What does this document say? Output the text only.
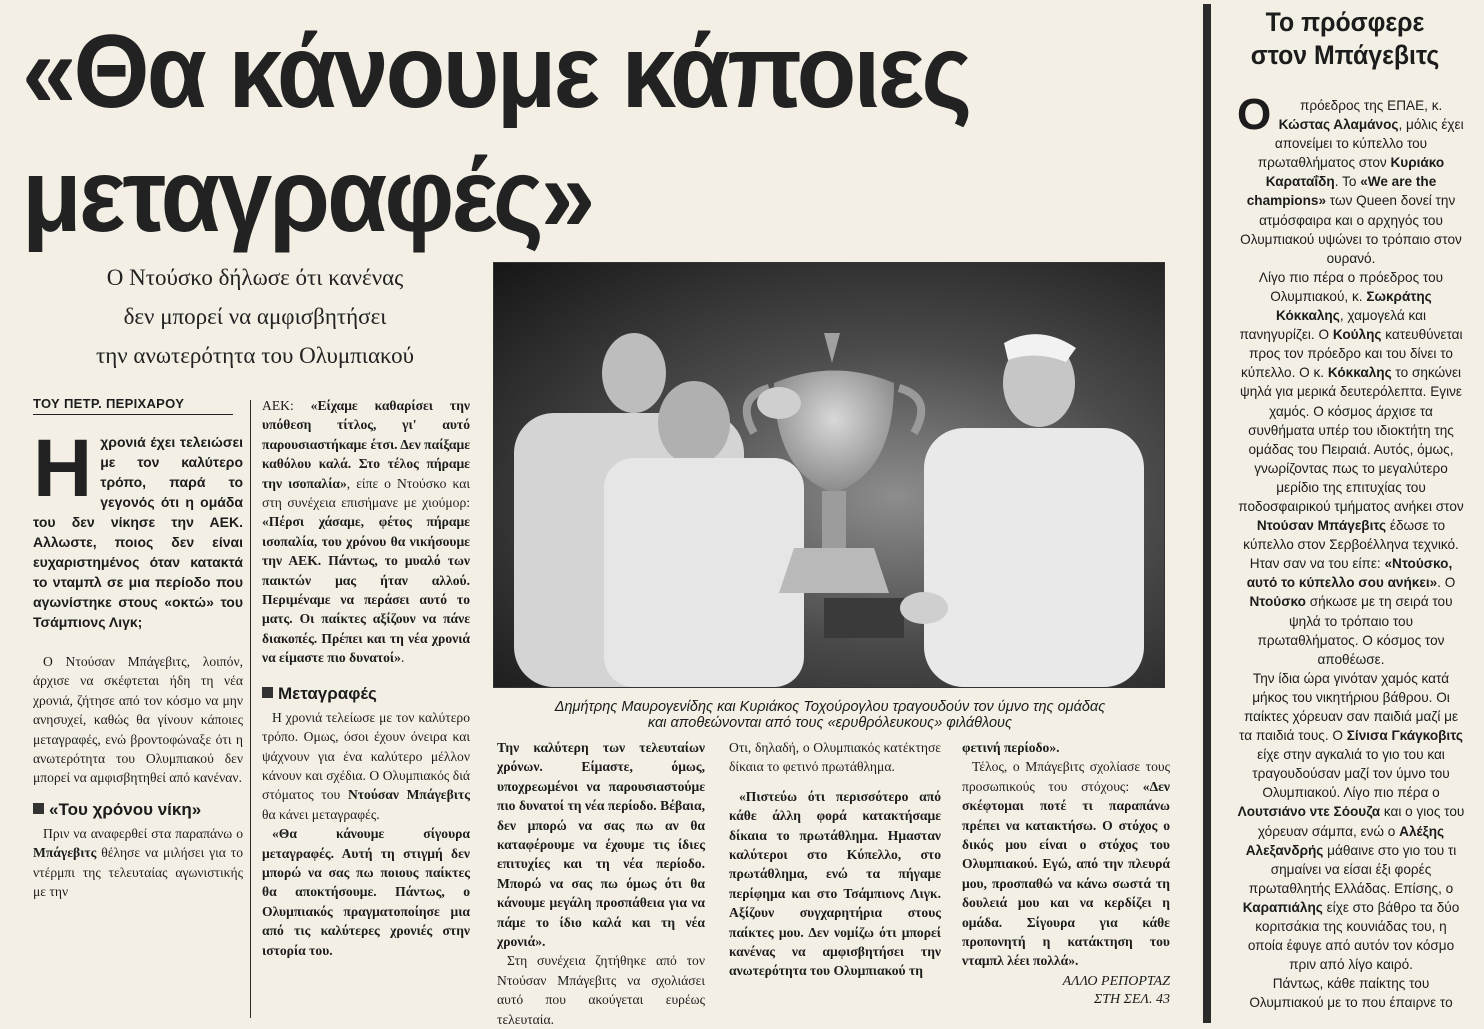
«Θα κάνουμε κάποιες
μεταγραφές»
Ο Ντούσκο δήλωσε ότι κανένας
δεν μπορεί να αμφισβητήσει
την ανωτερότητα του Ολυμπιακού
Δημήτρης Μαυρογενίδης και Κυριάκος Τοχούρογλου τραγουδούν τον ύμνο της ομάδας
και αποθεώνονται από τους «ερυθρόλευκους» φιλάθλους
ΤΟΥ ΠΕΤΡ. ΠΕΡΙΧΑΡΟΥ

Ηχρονιά έχει τελειώσει με τον καλύτερο τρόπο, παρά το γεγονός ότι η ομάδα του δεν νίκησε την ΑΕΚ. Αλλωστε, ποιος δεν είναι ευχαριστημένος όταν κατακτά το νταμπλ σε μια περίοδο που αγωνίστηκε στους «οκτώ» του Τσάμπιονς Λιγκ;

Ο Ντούσαν Μπάγεβιτς, λοιπόν, άρχισε να σκέφτεται ήδη τη νέα χρονιά, ζήτησε από τον κόσμο να μην ανησυχεί, καθώς θα γίνουν κάποιες μεταγραφές, ενώ βροντοφώναξε ότι η ανωτερότητα του Ολυμπιακού δεν μπορεί να αμφισβητηθεί από κανέναν.

«Του χρόνου νίκη»

Πριν να αναφερθεί στα παραπάνω ο Μπάγεβιτς θέλησε να μιλήσει για το ντέρμπι της τελευταίας αγωνιστικής με την

ΑΕΚ: «Είχαμε καθαρίσει την υπόθεση τίτλος, γι' αυτό παρουσιαστήκαμε έτσι. Δεν παίξαμε καθόλου καλά. Στο τέλος πήραμε την ισοπαλία», είπε ο Ντούσκο και στη συνέχεια επισήμανε με χιούμορ: «Πέρσι χάσαμε, φέτος πήραμε ισοπαλία, του χρόνου θα νικήσουμε την ΑΕΚ. Πάντως, το μυαλό των παικτών μας ήταν αλλού. Περιμέναμε να περάσει αυτό το ματς. Οι παίκτες αξίζουν να πάνε διακοπές. Πρέπει και τη νέα χρονιά να είμαστε πιο δυνατοί».

Μεταγραφές

Η χρονιά τελείωσε με τον καλύτερο τρόπο. Ομως, όσοι έχουν όνειρα και ψάχνουν για ένα καλύτερο μέλλον κάνουν και σχέδια. Ο Ολυμπιακός διά στόματος του Ντούσαν Μπάγεβιτς θα κάνει μεταγραφές.

«Θα κάνουμε σίγουρα μεταγραφές. Αυτή τη στιγμή δεν μπορώ να σας πω ποιους παίκτες θα αποκτήσουμε. Πάντως, ο Ολυμπιακός πραγματοποίησε μια από τις καλύτερες χρονιές στην ιστορία του.

Την καλύτερη των τελευταίων χρόνων. Είμαστε, όμως, υποχρεωμένοι να παρουσιαστούμε πιο δυνατοί τη νέα περίοδο. Βέβαια, δεν μπορώ να σας πω αν θα καταφέρουμε να έχουμε τις ίδιες επιτυχίες και τη νέα περίοδο. Μπορώ να σας πω όμως ότι θα κάνουμε μεγάλη προσπάθεια για να πάμε το ίδιο καλά και τη νέα χρονιά».

Στη συνέχεια ζητήθηκε από τον Ντούσαν Μπάγεβιτς να σχολιάσει αυτό που ακούγεται ευρέως τελευταία.

Οτι, δηλαδή, ο Ολυμπιακός κατέκτησε δίκαια το φετινό πρωτάθλημα.

«Πιστεύω ότι περισσότερο από κάθε άλλη φορά κατακτήσαμε δίκαια το πρωτάθλημα. Ημασταν καλύτεροι στο Κύπελλο, στο πρωτάθλημα, ενώ τα πήγαμε περίφημα και στο Τσάμπιονς Λιγκ. Αξίζουν συγχαρητήρια στους παίκτες μου. Δεν νομίζω ότι μπορεί κανένας να αμφισβητήσει την ανωτερότητα του Ολυμπιακού τη

φετινή περίοδο».

Τέλος, ο Μπάγεβιτς σχολίασε τους προσωπικούς του στόχους: «Δεν σκέφτομαι ποτέ τι παραπάνω πρέπει να κατακτήσω. Ο στόχος ο δικός μου είναι ο στόχος του Ολυμπιακού. Εγώ, από την πλευρά μου, προσπαθώ να κάνω σωστά τη δουλειά μου και να κερδίζει η ομάδα. Σίγουρα για κάθε προπονητή η κατάκτηση του νταμπλ λέει πολλά».

ΑΛΛΟ ΡΕΠΟΡΤΑΖ
ΣΤΗ ΣΕΛ. 43
Το πρόσφερε
στον Μπάγεβιτς

Ο πρόεδρος της ΕΠΑΕ, κ. Κώστας Αλαμάνος, μόλις έχει απονείμει το κύπελλο του πρωταθλήματος στον Κυριάκο Καραταΐδη. Το «We are the champions» των Queen δονεί την ατμόσφαιρα και ο αρχηγός του Ολυμπιακού υψώνει το τρόπαιο στον ουρανό.

Λίγο πιο πέρα ο πρόεδρος του Ολυμπιακού, κ. Σωκράτης Κόκκαλης, χαμογελά και πανηγυρίζει. Ο Κούλης κατευθύνεται προς τον πρόεδρο και του δίνει το κύπελλο. Ο κ. Κόκκαλης το σηκώνει ψηλά για μερικά δευτερόλεπτα. Εγινε χαμός. Ο κόσμος άρχισε τα συνθήματα υπέρ του ιδιοκτήτη της ομάδας του Πειραιά. Αυτός, όμως, γνωρίζοντας πως το μεγαλύτερο μερίδιο της επιτυχίας του ποδοσφαιρικού τμήματος ανήκει στον Ντούσαν Μπάγεβιτς έδωσε το κύπελλο στον Σερβοέλληνα τεχνικό. Ηταν σαν να του είπε: «Ντούσκο, αυτό το κύπελλο σου ανήκει». Ο Ντούσκο σήκωσε με τη σειρά του ψηλά το τρόπαιο του πρωταθλήματος. Ο κόσμος τον αποθέωσε.

Την ίδια ώρα γινόταν χαμός κατά μήκος του νικητήριου βάθρου. Οι παίκτες χόρευαν σαν παιδιά μαζί με τα παιδιά τους. Ο Σίνισα Γκάγκοβιτς είχε στην αγκαλιά το γιο του και τραγουδούσαν μαζί τον ύμνο του Ολυμπιακού. Λίγο πιο πέρα ο Λουτσιάνο ντε Σόουζα και ο γιος του χόρευαν σάμπα, ενώ ο Αλέξης Αλεξανδρής μάθαινε στο γιο του τι σημαίνει να είσαι έξι φορές πρωταθλητής Ελλάδας. Επίσης, ο Καραπιάλης είχε στο βάθρο τα δύο κοριτσάκια της κουνιάδας του, η οποία έφυγε από αυτόν τον κόσμο πριν από λίγο καιρό.

Πάντως, κάθε παίκτης του Ολυμπιακού με το που έπαιρνε το
